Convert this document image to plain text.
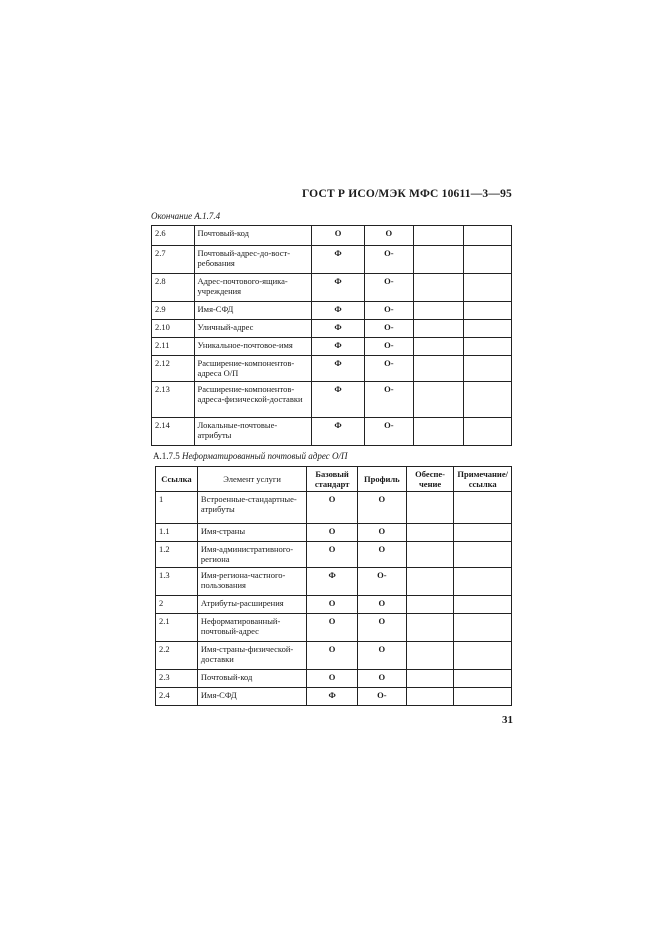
ГОСТ Р ИСО/МЭК МФС 10611—3—95
Окончание А.1.7.4
2.6	Почтовый-код	О	О		
2.7	Почтовый-адрес-до-вост-ребования	Ф	О-		
2.8	Адрес-почтового-ящика-учреждения	Ф	О-		
2.9	Имя-СФД	Ф	О-		
2.10	Уличный-адрес	Ф	О-		
2.11	Уникальное-почтовое-имя	Ф	О-		
2.12	Расширение-компонентов-адреса О/П	Ф	О-		
2.13	Расширение-компонентов-адреса-физической-доставки	Ф	О-		
2.14	Локальные-почтовые-атрибуты	Ф	О-		
А.1.7.5 Неформатированный почтовый адрес О/П
Ссылка	Элемент услуги	Базовый стандарт	Профиль	Обеспе-чение	Примечание/ссылка
1	Встроенные-стандартные-атрибуты	О	О		
1.1	Имя-страны	О	О		
1.2	Имя-административного-региона	О	О		
1.3	Имя-региона-частного-пользования	Ф	О-		
2	Атрибуты-расширения	О	О		
2.1	Неформатированный-почтовый-адрес	О	О		
2.2	Имя-страны-физической-доставки	О	О		
2.3	Почтовый-код	О	О		
2.4	Имя-СФД	Ф	О-		
31
